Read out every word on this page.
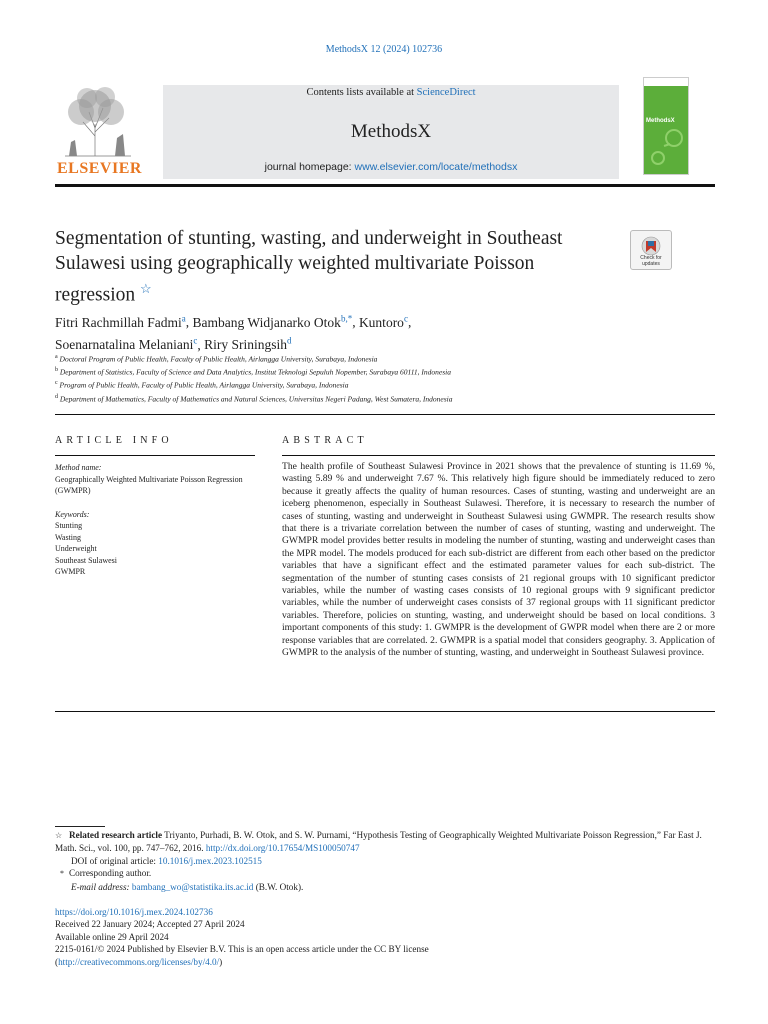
MethodsX 12 (2024) 102736
ELSEVIER
Contents lists available at ScienceDirect
MethodsX
journal homepage: www.elsevier.com/locate/methodsx
MethodsX
Segmentation of stunting, wasting, and underweight in Southeast Sulawesi using geographically weighted multivariate Poisson regression ☆
Check for updates
Fitri Rachmillah Fadmi$^a$, Bambang Widjanarko Otok$^{b,*}$, Kuntoro$^c$,
Soenarnatalina Melaniani$^c$, Riry Sriningsih$^d$
$^a$ Doctoral Program of Public Health, Faculty of Public Health, Airlangga University, Surabaya, Indonesia
$^b$ Department of Statistics, Faculty of Science and Data Analytics, Institut Teknologi Sepuluh Nopember, Surabaya 60111, Indonesia
$^c$ Program of Public Health, Faculty of Public Health, Airlangga University, Surabaya, Indonesia
$^d$ Department of Mathematics, Faculty of Mathematics and Natural Sciences, Universitas Negeri Padang, West Sumatera, Indonesia
ARTICLE INFO	ABSTRACT
Method name:
Geographically Weighted Multivariate Poisson Regression (GWMPR)
Keywords:
Stunting
Wasting
Underweight
Southeast Sulawesi
GWMPR
The health profile of Southeast Sulawesi Province in 2021 shows that the prevalence of stunting is 11.69 %, wasting 5.89 % and underweight 7.67 %. This relatively high figure should be immediately reduced to zero because it greatly affects the quality of human resources. Cases of stunting, wasting and underweight are an iceberg phenomenon, especially in Southeast Sulawesi. Therefore, it is necessary to research the number of cases of stunting, wasting and underweight in Southeast Sulawesi using GWMPR. The research results show that there is a trivariate correlation between the number of cases of stunting, wasting and underweight. The GWMPR model provides better results in modeling the number of stunting, wasting and underweight cases than the MPR model. The models produced for each sub-district are different from each other based on the predictor variables that have a significant effect and the estimated parameter values for each sub-district. The segmentation of the number of stunting cases consists of 21 regional groups with 10 significant predictor variables, while the number of wasting cases consists of 10 regional groups with 9 significant predictor variables, while the number of underweight cases consists of 37 regional groups with 11 significant predictor variables. Therefore, policies on stunting, wasting, and underweight should be based on local conditions. 3 important components of this study: 1. GWMPR is the development of GWPR model when there are 2 or more response variables that are correlated. 2. GWMPR is a spatial model that considers geography. 3. Application of GWMPR to the analysis of the number of stunting, wasting, and underweight in Southeast Sulawesi province.
☆ Related research article Triyanto, Purhadi, B. W. Otok, and S. W. Purnami, “Hypothesis Testing of Geographically Weighted Multivariate Poisson Regression,” Far East J. Math. Sci., vol. 100, pp. 747–762, 2016. http://dx.doi.org/10.17654/MS100050747
DOI of original article: 10.1016/j.mex.2023.102515
* Corresponding author.
E-mail address: bambang_wo@statistika.its.ac.id (B.W. Otok).
https://doi.org/10.1016/j.mex.2024.102736
Received 22 January 2024; Accepted 27 April 2024
Available online 29 April 2024
2215-0161/© 2024 Published by Elsevier B.V. This is an open access article under the CC BY license
(http://creativecommons.org/licenses/by/4.0/)
